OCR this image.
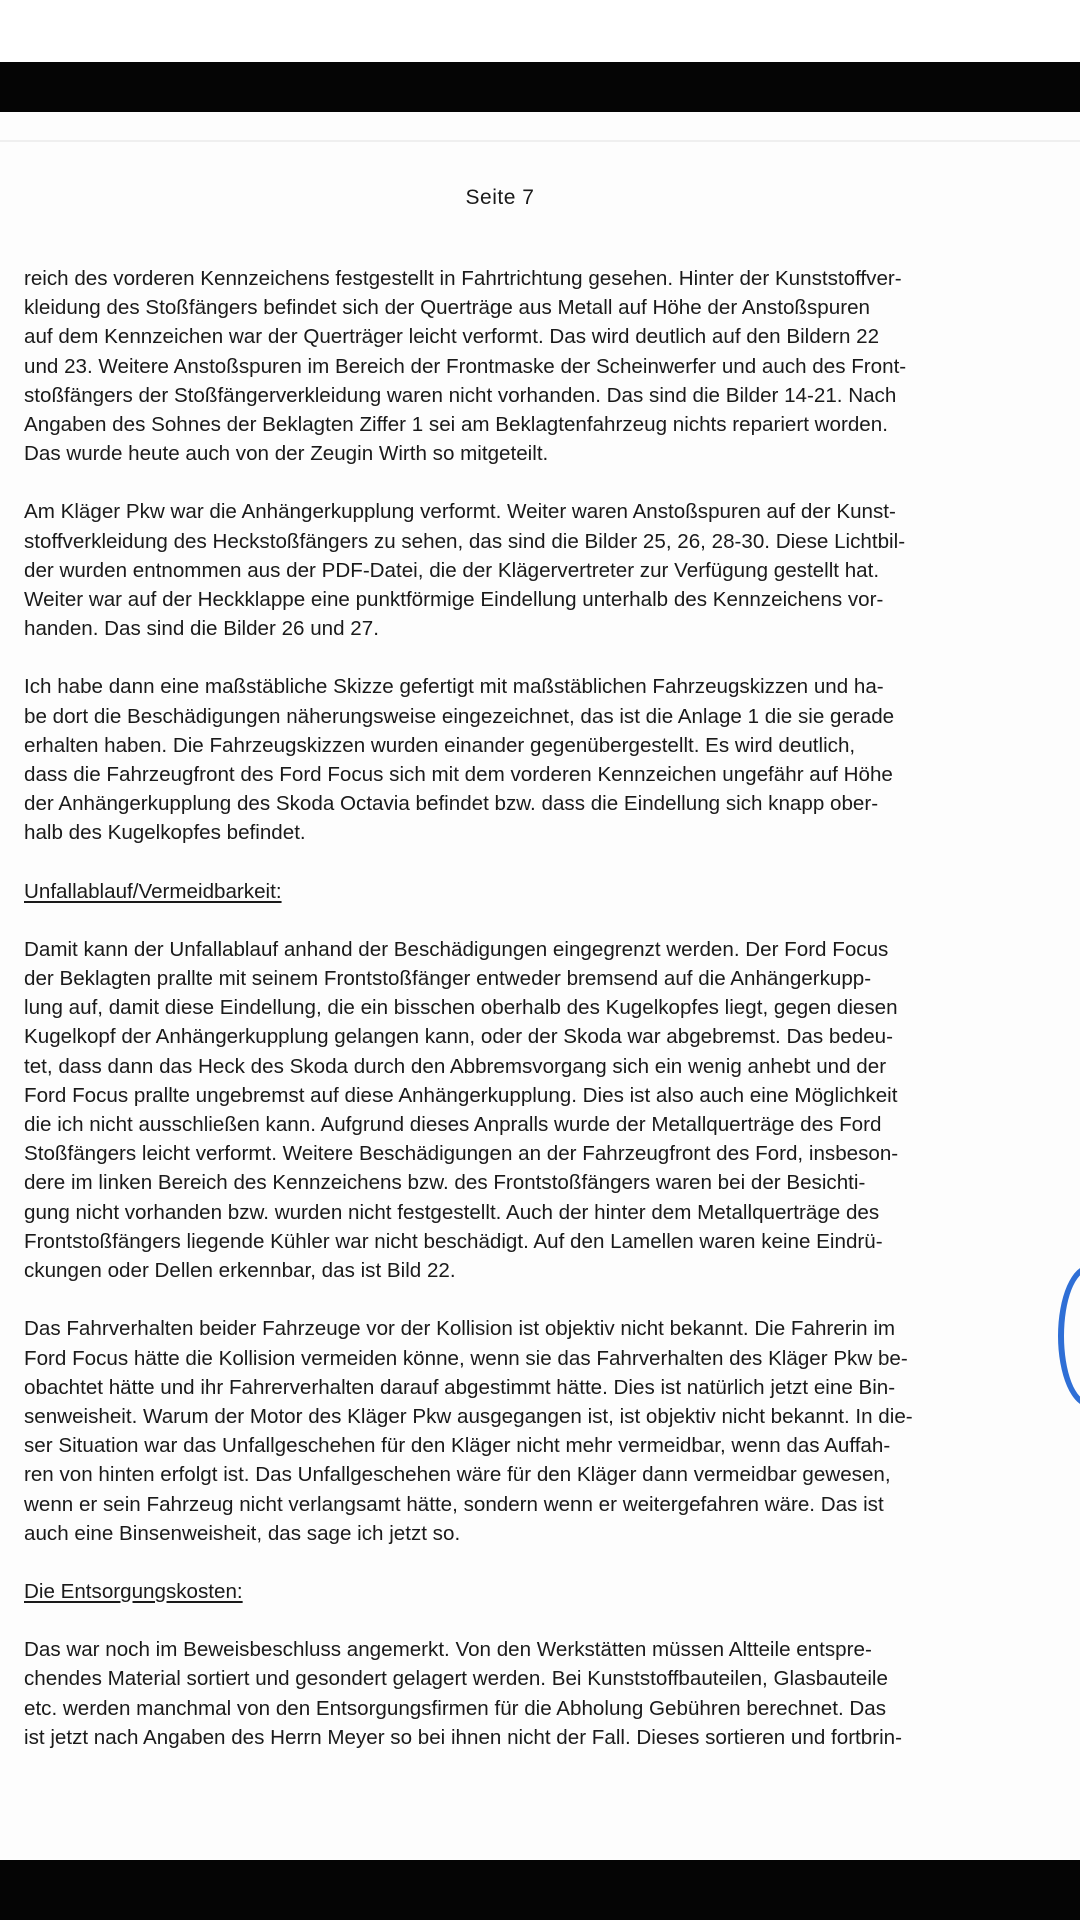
Seite 7
reich des vorderen Kennzeichens festgestellt in Fahrtrichtung gesehen. Hinter der Kunststoffver-
kleidung des Stoßfängers befindet sich der Querträge aus Metall auf Höhe der Anstoßspuren
auf dem Kennzeichen war der Querträger leicht verformt. Das wird deutlich auf den Bildern 22
und 23. Weitere Anstoßspuren im Bereich der Frontmaske der Scheinwerfer und auch des Front-
stoßfängers der Stoßfängerverkleidung waren nicht vorhanden. Das sind die Bilder 14-21. Nach
Angaben des Sohnes der Beklagten Ziffer 1 sei am Beklagtenfahrzeug nichts repariert worden.
Das wurde heute auch von der Zeugin Wirth so mitgeteilt.
Am Kläger Pkw war die Anhängerkupplung verformt. Weiter waren Anstoßspuren auf der Kunst-
stoffverkleidung des Heckstoßfängers zu sehen, das sind die Bilder 25, 26, 28-30. Diese Lichtbil-
der wurden entnommen aus der PDF-Datei, die der Klägervertreter zur Verfügung gestellt hat.
Weiter war auf der Heckklappe eine punktförmige Eindellung unterhalb des Kennzeichens vor-
handen. Das sind die Bilder 26 und 27.
Ich habe dann eine maßstäbliche Skizze gefertigt mit maßstäblichen Fahrzeugskizzen und ha-
be dort die Beschädigungen näherungsweise eingezeichnet, das ist die Anlage 1 die sie gerade
erhalten haben. Die Fahrzeugskizzen wurden einander gegenübergestellt. Es wird deutlich,
dass die Fahrzeugfront des Ford Focus sich mit dem vorderen Kennzeichen ungefähr auf Höhe
der Anhängerkupplung des Skoda Octavia befindet bzw. dass die Eindellung sich knapp ober-
halb des Kugelkopfes befindet.
Unfallablauf/Vermeidbarkeit:
Damit kann der Unfallablauf anhand der Beschädigungen eingegrenzt werden. Der Ford Focus
der Beklagten prallte mit seinem Frontstoßfänger entweder bremsend auf die Anhängerkupp-
lung auf, damit diese Eindellung, die ein bisschen oberhalb des Kugelkopfes liegt, gegen diesen
Kugelkopf der Anhängerkupplung gelangen kann, oder der Skoda war abgebremst. Das bedeu-
tet, dass dann das Heck des Skoda durch den Abbremsvorgang sich ein wenig anhebt und der
Ford Focus prallte ungebremst auf diese Anhängerkupplung. Dies ist also auch eine Möglichkeit
die ich nicht ausschließen kann. Aufgrund dieses Anpralls wurde der Metallquerträge des Ford
Stoßfängers leicht verformt. Weitere Beschädigungen an der Fahrzeugfront des Ford, insbeson-
dere im linken Bereich des Kennzeichens bzw. des Frontstoßfängers waren bei der Besichti-
gung nicht vorhanden bzw. wurden nicht festgestellt. Auch der hinter dem Metallquerträge des
Frontstoßfängers liegende Kühler war nicht beschädigt. Auf den Lamellen waren keine Eindrü-
ckungen oder Dellen erkennbar, das ist Bild 22.
Das Fahrverhalten beider Fahrzeuge vor der Kollision ist objektiv nicht bekannt. Die Fahrerin im
Ford Focus hätte die Kollision vermeiden könne, wenn sie das Fahrverhalten des Kläger Pkw be-
obachtet hätte und ihr Fahrerverhalten darauf abgestimmt hätte. Dies ist natürlich jetzt eine Bin-
senweisheit. Warum der Motor des Kläger Pkw ausgegangen ist, ist objektiv nicht bekannt. In die-
ser Situation war das Unfallgeschehen für den Kläger nicht mehr vermeidbar, wenn das Auffah-
ren von hinten erfolgt ist. Das Unfallgeschehen wäre für den Kläger dann vermeidbar gewesen,
wenn er sein Fahrzeug nicht verlangsamt hätte, sondern wenn er weitergefahren wäre. Das ist
auch eine Binsenweisheit, das sage ich jetzt so.
Die Entsorgungskosten:
Das war noch im Beweisbeschluss angemerkt. Von den Werkstätten müssen Altteile entspre-
chendes Material sortiert und gesondert gelagert werden. Bei Kunststoffbauteilen, Glasbauteile
etc. werden manchmal von den Entsorgungsfirmen für die Abholung Gebühren berechnet. Das
ist jetzt nach Angaben des Herrn Meyer so bei ihnen nicht der Fall. Dieses sortieren und fortbrin-
